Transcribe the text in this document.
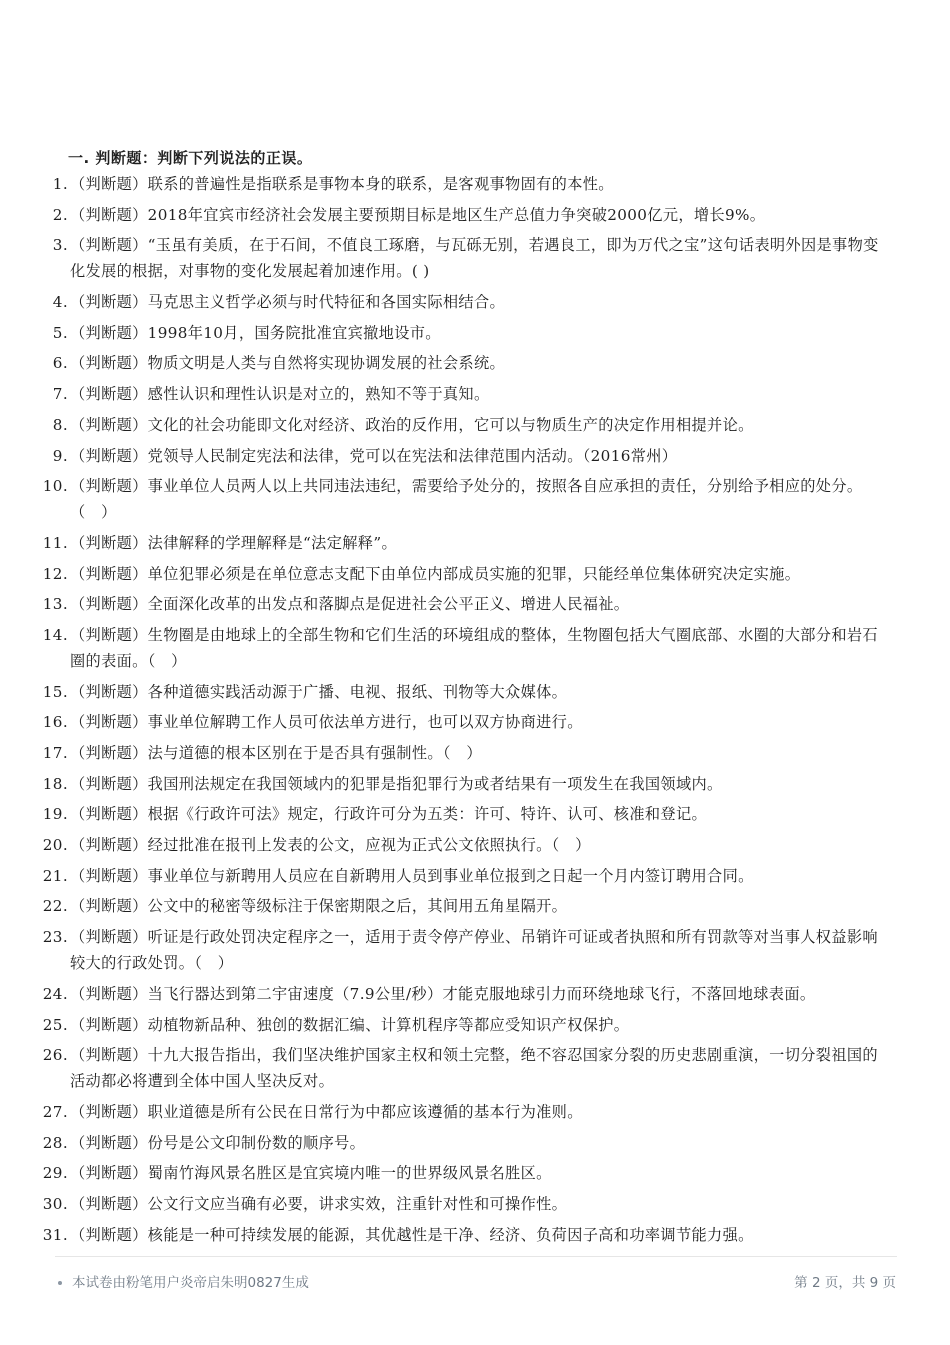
一. 判断题：判断下列说法的正误。
1 . （判断题）联系的普遍性是指联系是事物本身的联系，是客观事物固有的本性。
2 . （判断题）2018年宜宾市经济社会发展主要预期目标是地区生产总值力争突破2000亿元，增长9%。
3 . （判断题）“玉虽有美质，在于石间，不值良工琢磨，与瓦砾无别，若遇良工，即为万代之宝”这句话表明外因是事物变化发展的根据，对事物的变化发展起着加速作用。( )
4 . （判断题）马克思主义哲学必须与时代特征和各国实际相结合。
5 . （判断题）1998年10月，国务院批准宜宾撤地设市。
6 . （判断题）物质文明是人类与自然将实现协调发展的社会系统。
7 . （判断题）感性认识和理性认识是对立的，熟知不等于真知。
8 . （判断题）文化的社会功能即文化对经济、政治的反作用，它可以与物质生产的决定作用相提并论。
9 . （判断题）党领导人民制定宪法和法律，党可以在宪法和法律范围内活动。（2016常州）
10 . （判断题）事业单位人员两人以上共同违法违纪，需要给予处分的，按照各自应承担的责任，分别给予相应的处分。（　）
11 . （判断题）法律解释的学理解释是“法定解释”。
12 . （判断题）单位犯罪必须是在单位意志支配下由单位内部成员实施的犯罪，只能经单位集体研究决定实施。
13 . （判断题）全面深化改革的出发点和落脚点是促进社会公平正义、增进人民福祉。
14 . （判断题）生物圈是由地球上的全部生物和它们生活的环境组成的整体，生物圈包括大气圈底部、水圈的大部分和岩石圈的表面。（　）
15 . （判断题）各种道德实践活动源于广播、电视、报纸、刊物等大众媒体。
16 . （判断题）事业单位解聘工作人员可依法单方进行，也可以双方协商进行。
17 . （判断题）法与道德的根本区别在于是否具有强制性。（　）
18 . （判断题）我国刑法规定在我国领域内的犯罪是指犯罪行为或者结果有一项发生在我国领域内。
19 . （判断题）根据《行政许可法》规定，行政许可分为五类：许可、特许、认可、核准和登记。
20 . （判断题）经过批准在报刊上发表的公文，应视为正式公文依照执行。（　）
21 . （判断题）事业单位与新聘用人员应在自新聘用人员到事业单位报到之日起一个月内签订聘用合同。
22 . （判断题）公文中的秘密等级标注于保密期限之后，其间用五角星隔开。
23 . （判断题）听证是行政处罚决定程序之一，适用于责令停产停业、吊销许可证或者执照和所有罚款等对当事人权益影响较大的行政处罚。（　）
24 . （判断题）当飞行器达到第二宇宙速度（7.9公里/秒）才能克服地球引力而环绕地球飞行，不落回地球表面。
25 . （判断题）动植物新品种、独创的数据汇编、计算机程序等都应受知识产权保护。
26 . （判断题）十九大报告指出，我们坚决维护国家主权和领土完整，绝不容忍国家分裂的历史悲剧重演，一切分裂祖国的活动都必将遭到全体中国人坚决反对。
27 . （判断题）职业道德是所有公民在日常行为中都应该遵循的基本行为准则。
28 . （判断题）份号是公文印制份数的顺序号。
29 . （判断题）蜀南竹海风景名胜区是宜宾境内唯一的世界级风景名胜区。
30 . （判断题）公文行文应当确有必要，讲求实效，注重针对性和可操作性。
31 . （判断题）核能是一种可持续发展的能源，其优越性是干净、经济、负荷因子高和功率调节能力强。
本试卷由粉笔用户炎帝启朱明0827生成	第 2 页，共 9 页
